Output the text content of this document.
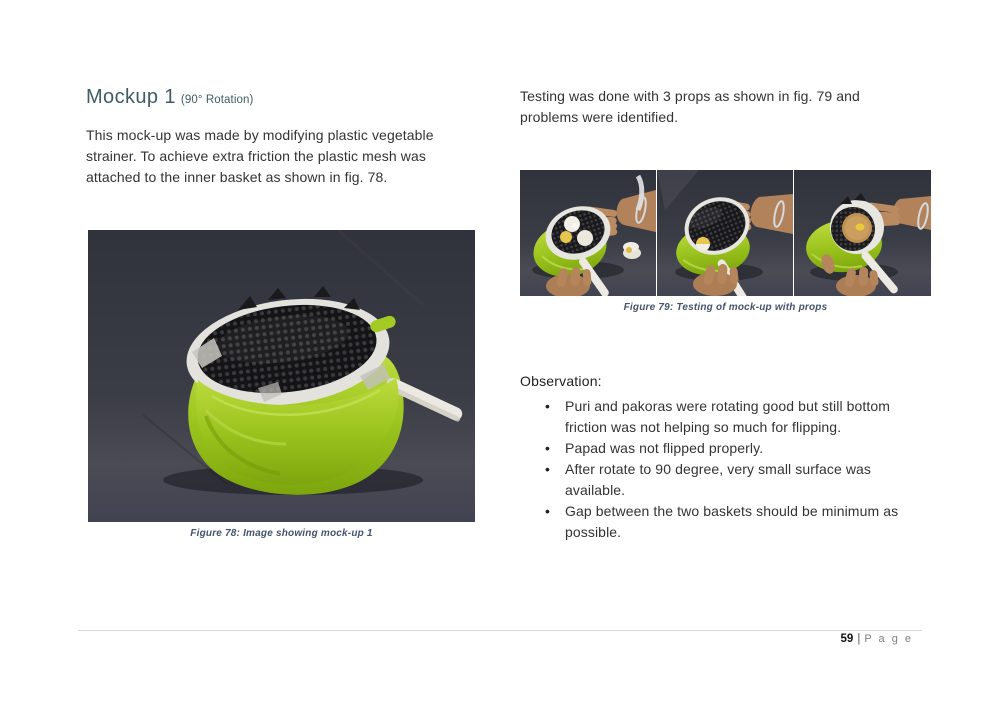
Mockup 1 (90° Rotation)

This mock-up was made by modifying plastic vegetable strainer. To achieve extra friction the plastic mesh was attached to the inner basket as shown in fig. 78.

Figure 78: Image showing mock-up 1

Testing was done with 3 props as shown in fig. 79 and problems were identified.

Figure 79: Testing of mock-up with props

Observation:

• Puri and pakoras were rotating good but still bottom friction was not helping so much for flipping.
• Papad was not flipped properly.
• After rotate to 90 degree, very small surface was available.
• Gap between the two baskets should be minimum as possible.
59 | P a g e
